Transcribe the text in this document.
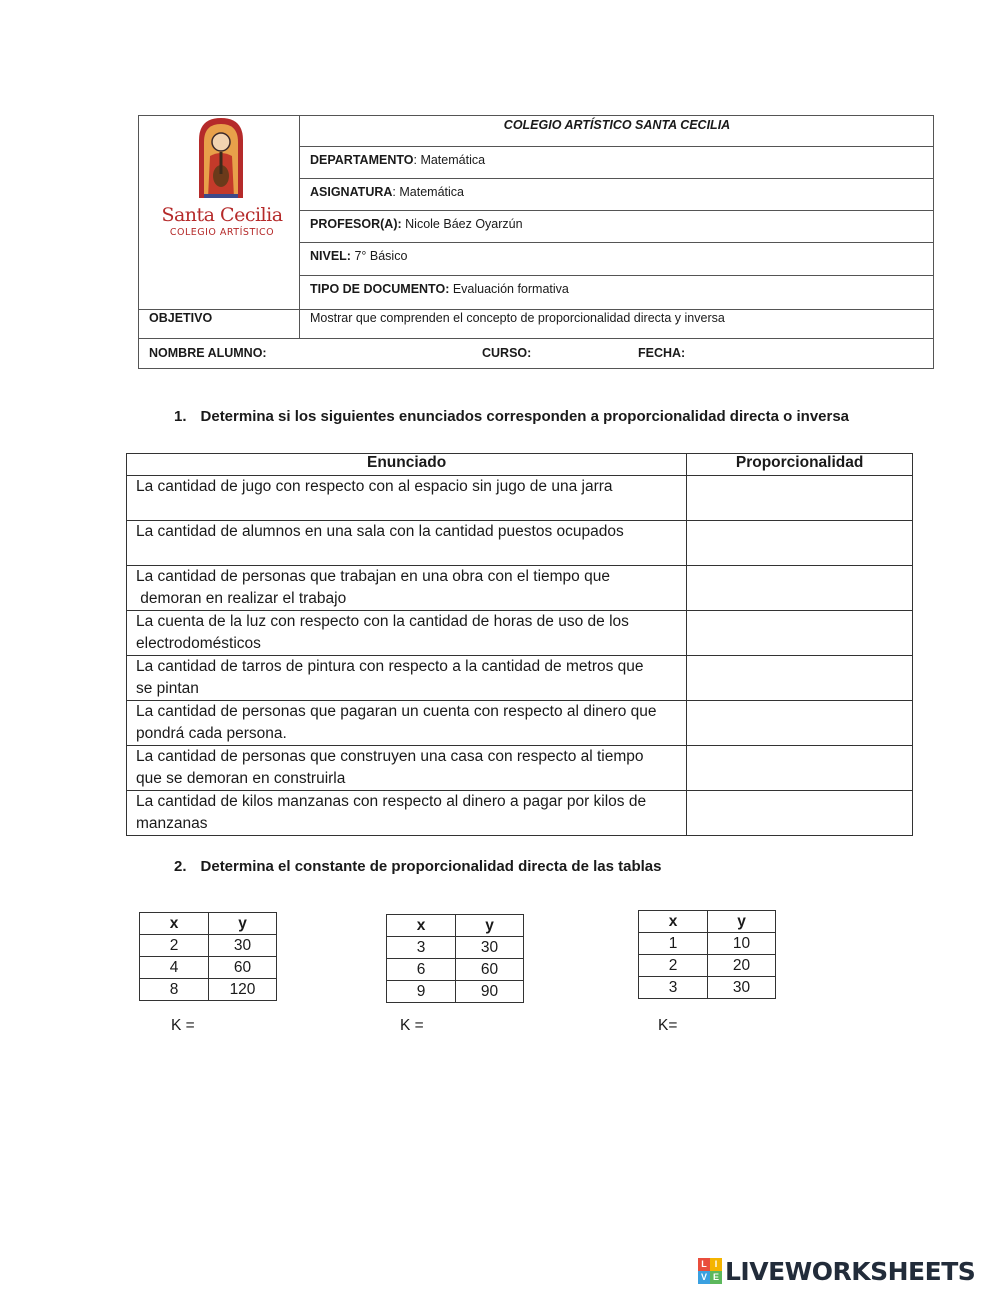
Santa Cecilia
COLEGIO ARTÍSTICO
COLEGIO ARTÍSTICO SANTA CECILIA
DEPARTAMENTO: Matemática
ASIGNATURA: Matemática
PROFESOR(A): Nicole Báez Oyarzún
NIVEL: 7° Básico
TIPO DE DOCUMENTO: Evaluación formativa
OBJETIVO	Mostrar que comprenden el concepto de proporcionalidad directa y inversa
NOMBRE ALUMNO:	CURSO:	FECHA:
1. Determina si los siguientes enunciados corresponden a proporcionalidad directa o inversa
Enunciado	Proporcionalidad

La cantidad de jugo con respecto con al espacio sin jugo de una jarra	

La cantidad de alumnos en una sala con la cantidad puestos ocupados	

La cantidad de personas que trabajan en una obra con el tiempo que
demoran en realizar el trabajo	

La cuenta de la luz con respecto con la cantidad de horas de uso de los
electrodomésticos	

La cantidad de tarros de pintura con respecto a la cantidad de metros que
se pintan	

La cantidad de personas que pagaran un cuenta con respecto al dinero que
pondrá cada persona.	

La cantidad de personas que construyen una casa con respecto al tiempo
que se demoran en construirla	

La cantidad de kilos manzanas con respecto al dinero a pagar por kilos de
manzanas	

2. Determina el constante de proporcionalidad directa de las tablas
x	y
2	30
4	60
8	120
K =
x	y
3	30
6	60
9	90
K =
x	y
1	10
2	20
3	30
K=
L I
V E LIVEWORKSHEETS
